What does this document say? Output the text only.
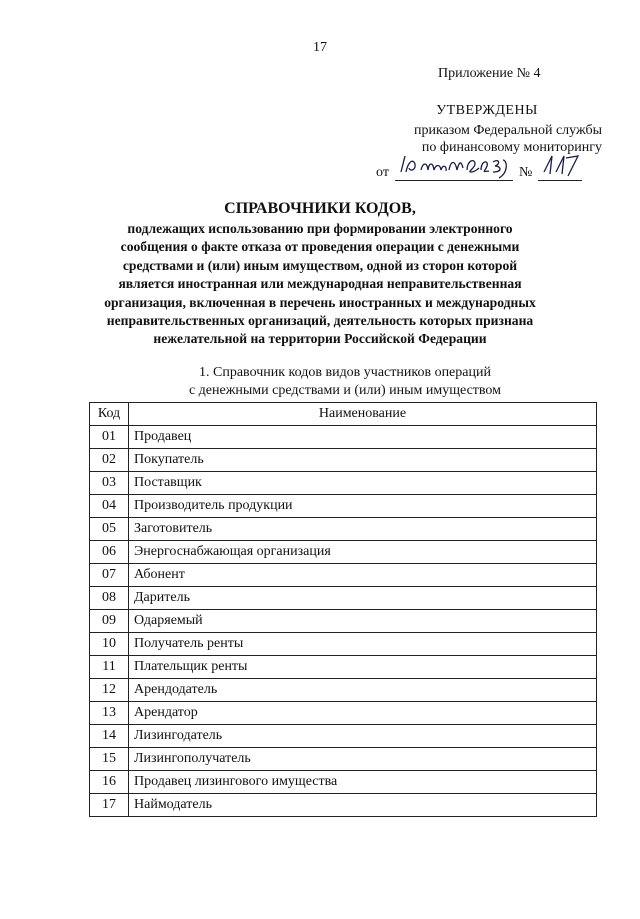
17
Приложение № 4
УТВЕРЖДЕНЫ
приказом Федеральной службы
по финансовому мониторингу
от	№
СПРАВОЧНИКИ КОДОВ,
подлежащих использованию при формировании электронного
сообщения о факте отказа от проведения операции с денежными
средствами и (или) иным имуществом, одной из сторон которой
является иностранная или международная неправительственная
организация, включенная в перечень иностранных и международных
неправительственных организаций, деятельность которых признана
нежелательной на территории Российской Федерации
1. Справочник кодов видов участников операций
с денежными средствами и (или) иным имуществом
Код	Наименование
01	Продавец
02	Покупатель
03	Поставщик
04	Производитель продукции
05	Заготовитель
06	Энергоснабжающая организация
07	Абонент
08	Даритель
09	Одаряемый
10	Получатель ренты
11	Плательщик ренты
12	Арендодатель
13	Арендатор
14	Лизингодатель
15	Лизингополучатель
16	Продавец лизингового имущества
17	Наймодатель
